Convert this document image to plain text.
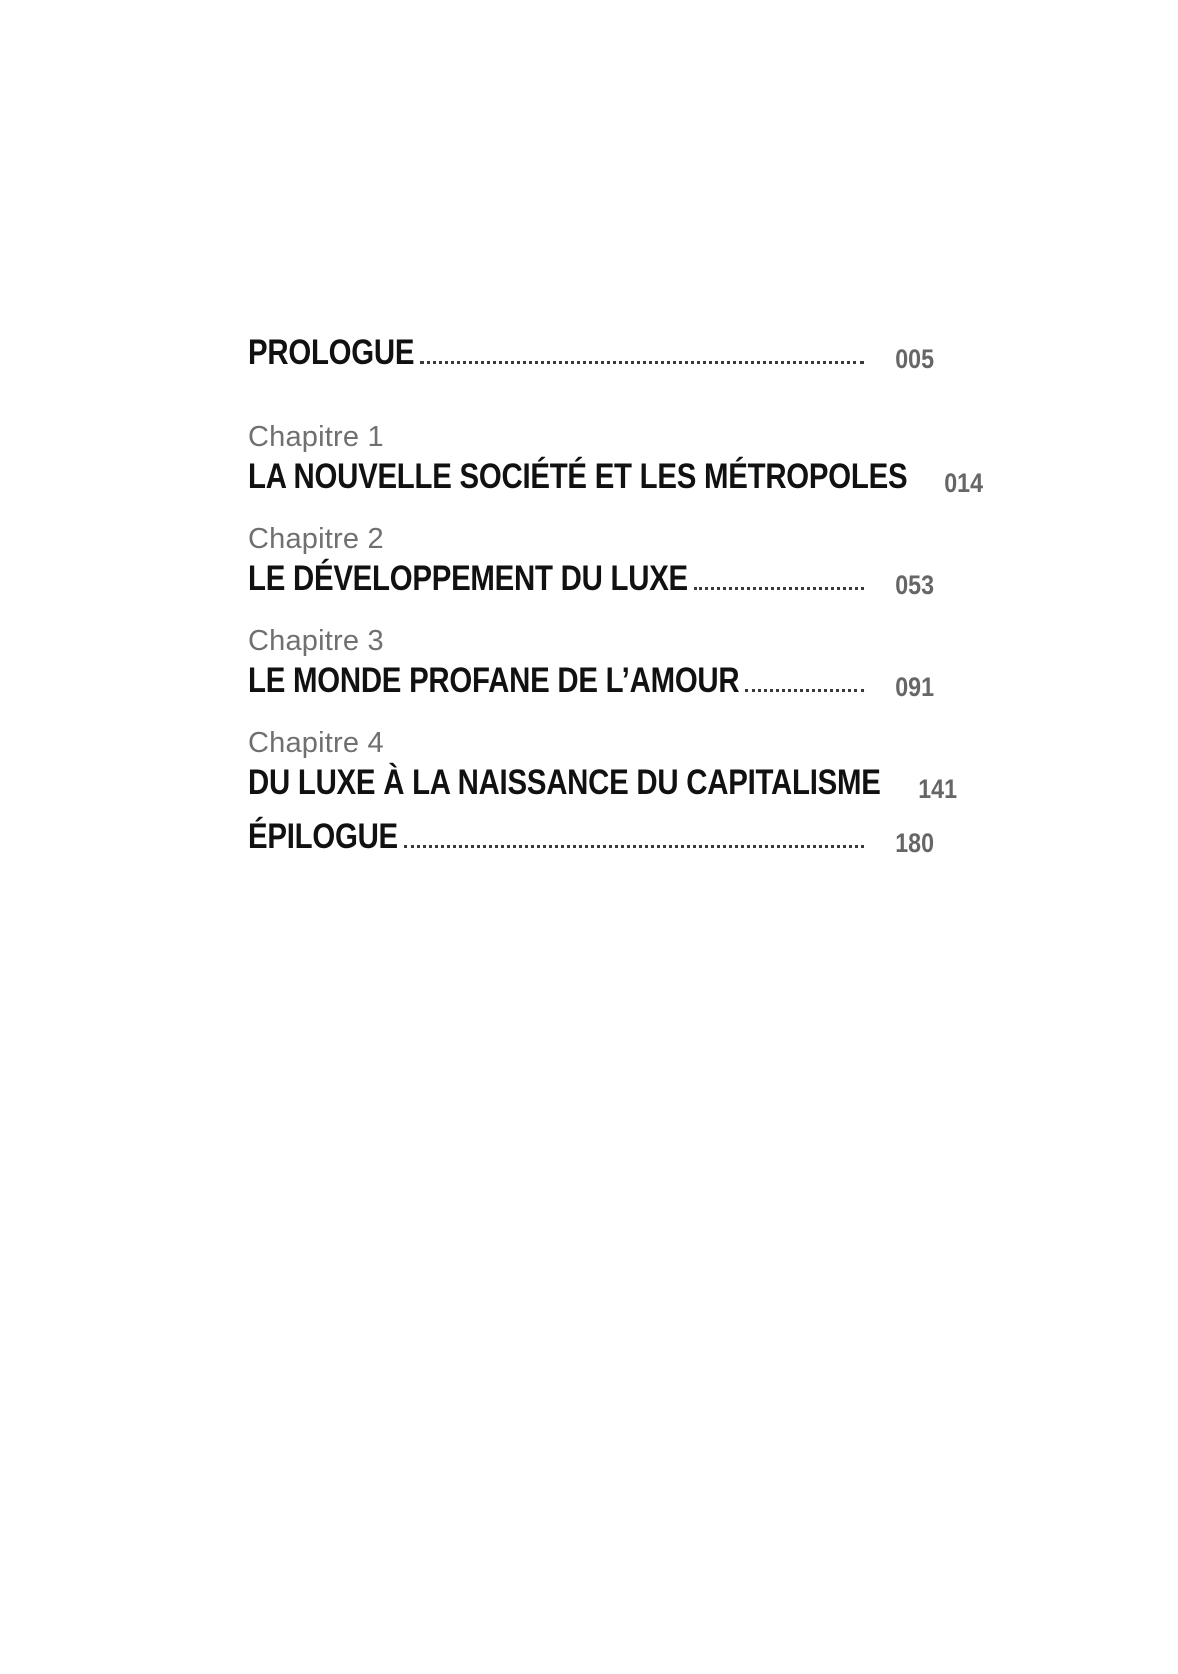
PROLOGUE	005
Chapitre 1
LA NOUVELLE SOCIÉTÉ ET LES MÉTROPOLES	014
Chapitre 2
LE DÉVELOPPEMENT DU LUXE	053
Chapitre 3
LE MONDE PROFANE DE L’AMOUR	091
Chapitre 4
DU LUXE À LA NAISSANCE DU CAPITALISME	141
ÉPILOGUE	180
